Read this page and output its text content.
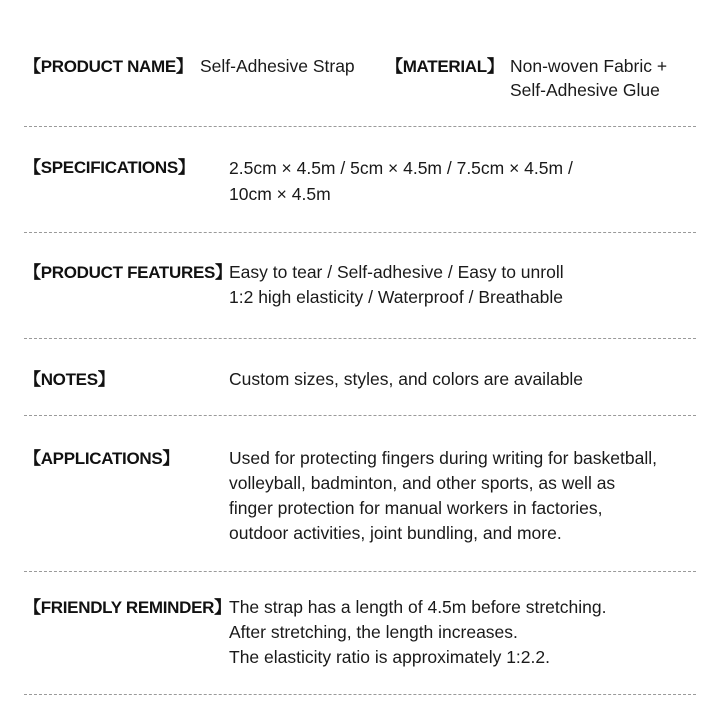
【PRODUCT NAME】 Self-Adhesive Strap 【MATERIAL】 Non-woven Fabric +
Self-Adhesive Glue
【SPECIFICATIONS】 2.5cm × 4.5m / 5cm × 4.5m / 7.5cm × 4.5m /
10cm × 4.5m
【PRODUCT FEATURES】
Easy to tear / Self-adhesive / Easy to unroll
1:2 high elasticity / Waterproof / Breathable
【NOTES】	Custom sizes, styles, and colors are available
【APPLICATIONS】	Used for protecting fingers during writing for basketball,
volleyball, badminton, and other sports, as well as
finger protection for manual workers in factories,
outdoor activities, joint bundling, and more.
【FRIENDLY REMINDER】
The strap has a length of 4.5m before stretching.
After stretching, the length increases.
The elasticity ratio is approximately 1:2.2.
